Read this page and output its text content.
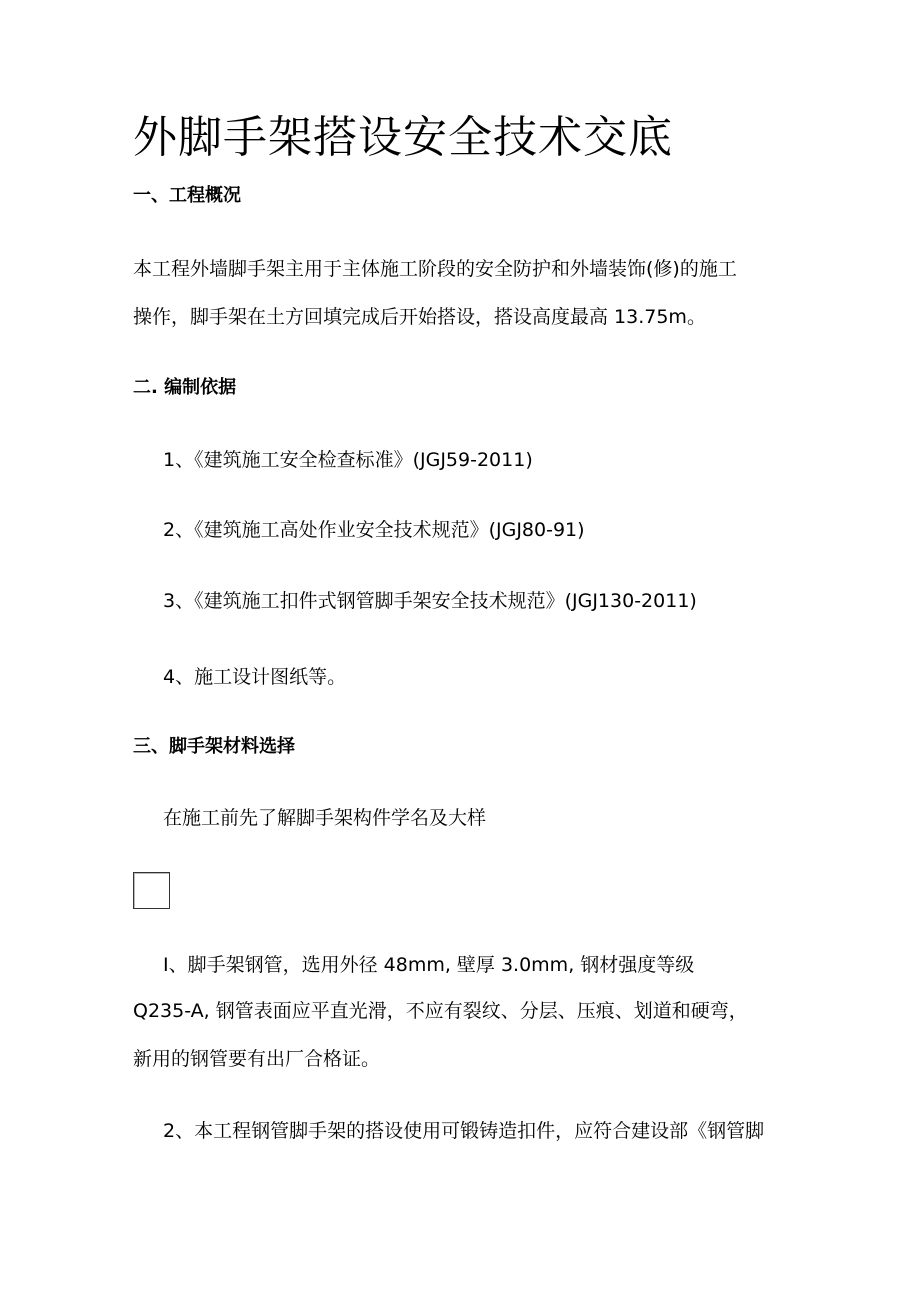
外脚手架搭设安全技术交底
一、工程概况
本工程外墙脚手架主用于主体施工阶段的安全防护和外墙装饰(修)的施工
操作，脚手架在土方回填完成后开始搭设，搭设高度最高 13.75m。
二. 编制依据
1、《建筑施工安全检查标准》(JGJ59-2011)
2、《建筑施工高处作业安全技术规范》(JGJ80-91)
3、《建筑施工扣件式钢管脚手架安全技术规范》(JGJ130-2011)
4、施工设计图纸等。
三、脚手架材料选择
在施工前先了解脚手架构件学名及大样
I、脚手架钢管，选用外径 48mm, 壁厚 3.0mm, 钢材强度等级
Q235-A, 钢管表面应平直光滑，不应有裂纹、分层、压痕、划道和硬弯，
新用的钢管要有出厂合格证。
2、本工程钢管脚手架的搭设使用可锻铸造扣件，应符合建设部《钢管脚
